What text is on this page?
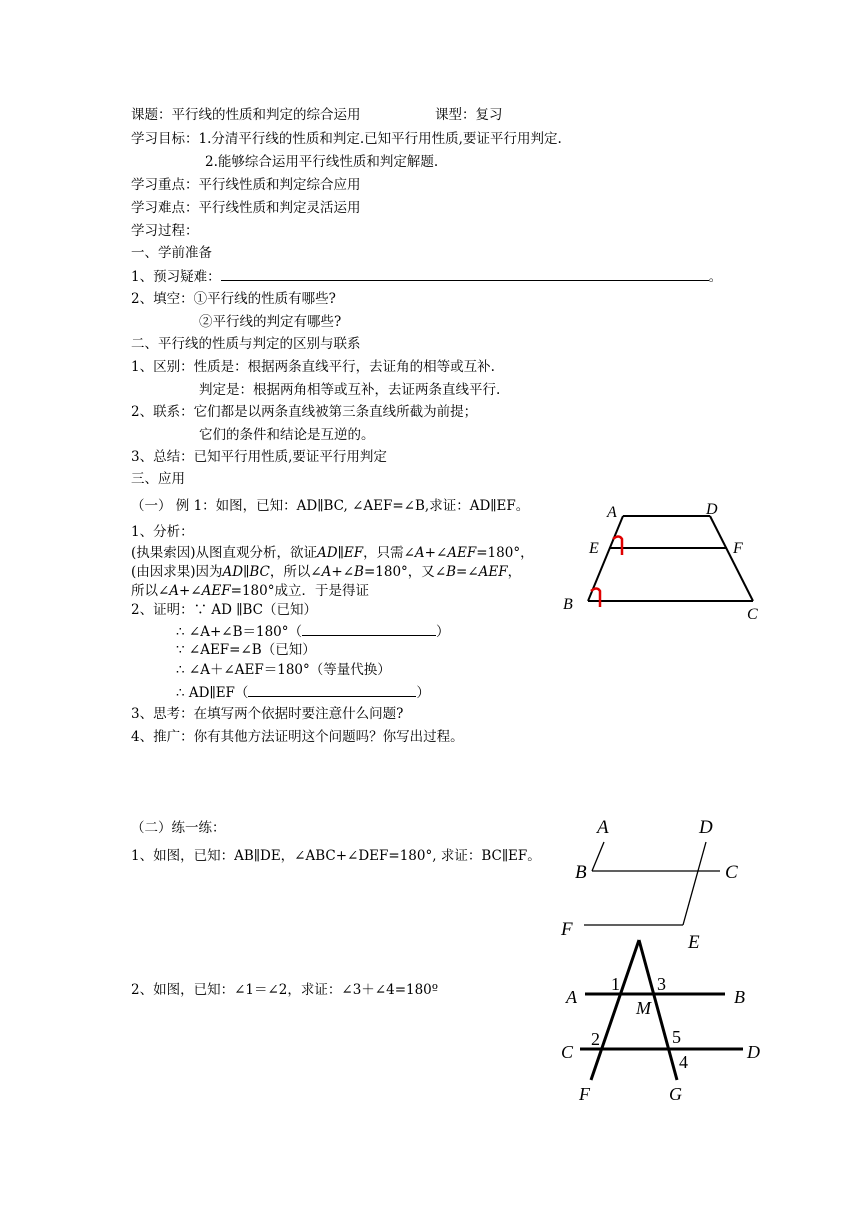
课题：平行线的性质和判定的综合运用	课型：复习
学习目标：1.分清平行线的性质和判定.已知平行用性质,要证平行用判定.
2.能够综合运用平行线性质和判定解题.
学习重点：平行线性质和判定综合应用
学习难点：平行线性质和判定灵活运用
学习过程：
一、学前准备
1、预习疑难：	。
2、填空：①平行线的性质有哪些?
②平行线的判定有哪些?
二、平行线的性质与判定的区别与联系
1、区别：性质是：根据两条直线平行，去证角的相等或互补.
判定是：根据两角相等或互补，去证两条直线平行.
2、联系：它们都是以两条直线被第三条直线所截为前提；
它们的条件和结论是互逆的。
3、总结：已知平行用性质,要证平行用判定
三、应用
（一） 例 1：如图，已知：AD∥BC, ∠AEF=∠B,求证：AD∥EF。
1、分析：
(执果索因)从图直观分析，欲证AD∥EF，只需∠A+∠AEF=180°，
(由因求果)因为AD∥BC，所以∠A+∠B=180°，又∠B=∠AEF，
所以∠A+∠AEF=180°成立．于是得证
2、证明：∵ AD ∥BC（已知）
∴ ∠A+∠B＝180°（	）
∵ ∠AEF=∠B（已知）
∴ ∠A＋∠AEF＝180°（等量代换）
∴ AD∥EF（	）
3、思考：在填写两个依据时要注意什么问题?
4、推广：你有其他方法证明这个问题吗？你写出过程。
（二）练一练：
1、如图，已知：AB∥DE，∠ABC+∠DEF=180°, 求证：BC∥EF。
2、如图，已知：∠1＝∠2，求证：∠3＋∠4=180º
A	D
E	F
B
C
A	D
B	C
F
E
A	B
C	D
F	G
M
1
2
3
4
5
